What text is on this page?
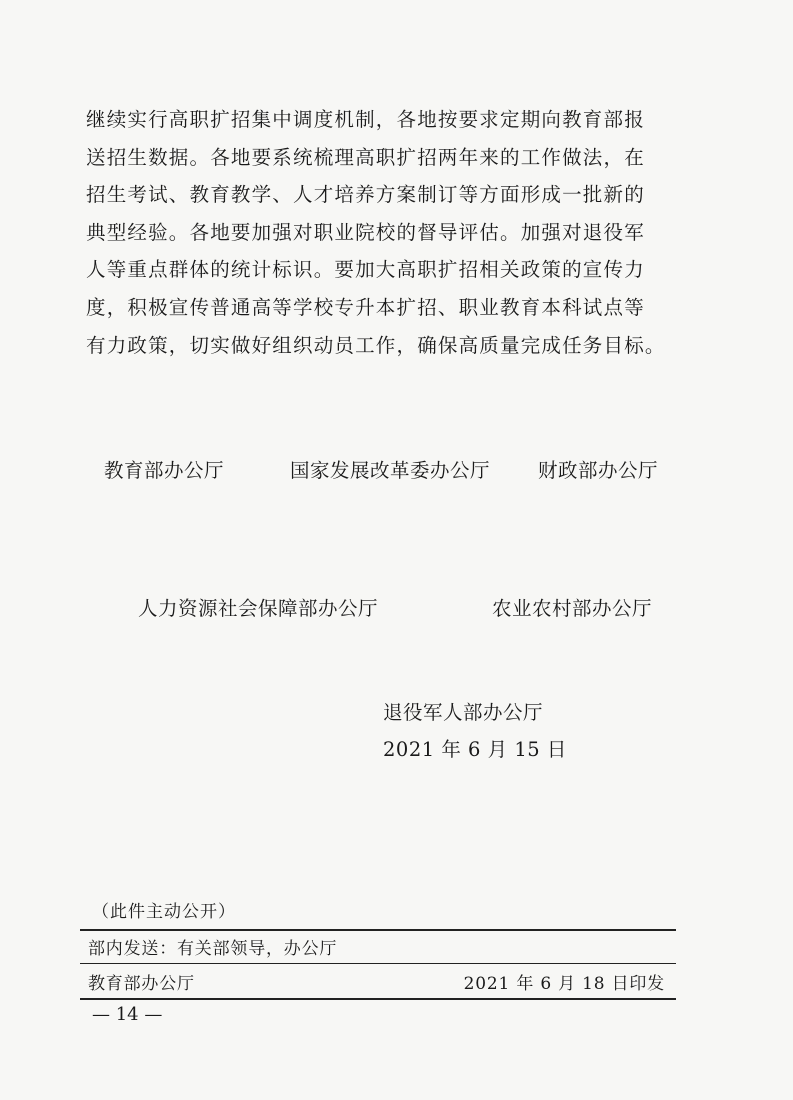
继续实行高职扩招集中调度机制，各地按要求定期向教育部报
送招生数据。各地要系统梳理高职扩招两年来的工作做法，在
招生考试、教育教学、人才培养方案制订等方面形成一批新的
典型经验。各地要加强对职业院校的督导评估。加强对退役军
人等重点群体的统计标识。要加大高职扩招相关政策的宣传力
度，积极宣传普通高等学校专升本扩招、职业教育本科试点等
有力政策，切实做好组织动员工作，确保高质量完成任务目标。
教育部办公厅	国家发展改革委办公厅 财政部办公厅
人力资源社会保障部办公厅	农业农村部办公厅
退役军人部办公厅
2021 年 6 月 15 日
（此件主动公开）
部内发送：有关部领导，办公厅
教育部办公厅	2021 年 6 月 18 日印发
— 14 —
